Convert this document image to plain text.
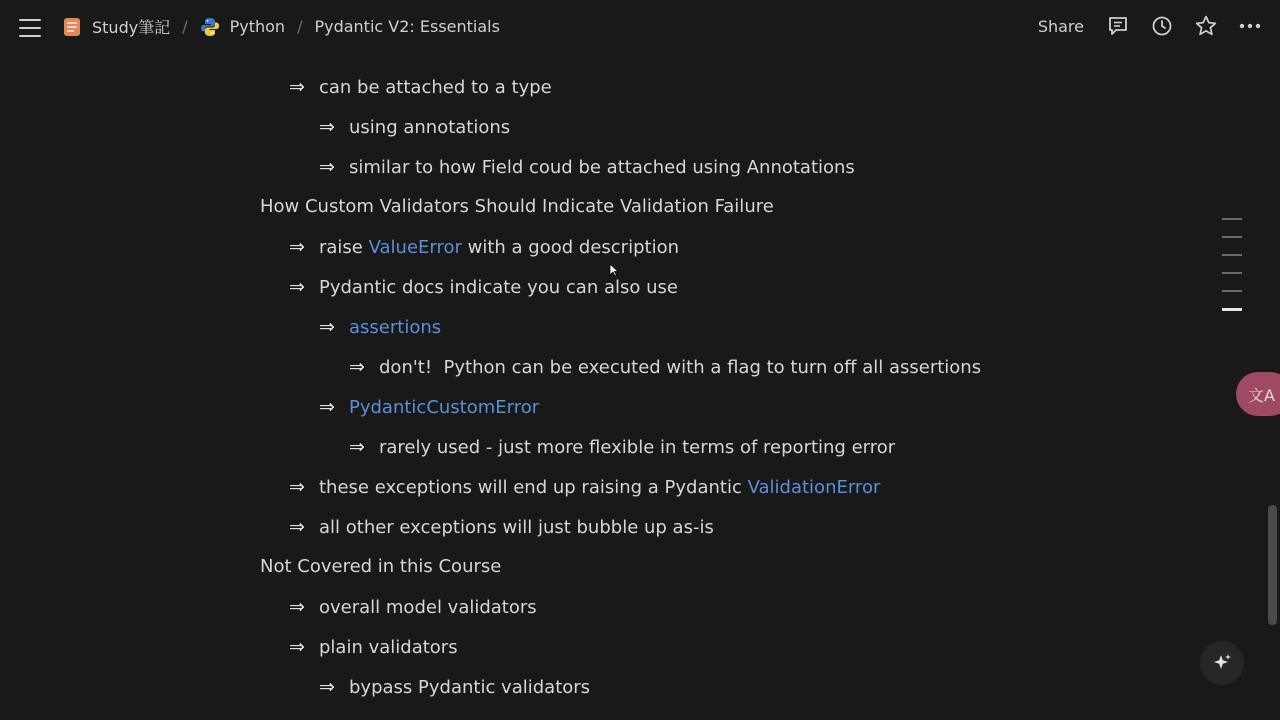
Study筆記 /	Python / Pydantic V2: Essentials	Share
⇒ can be attached to a type
⇒ using annotations
⇒ similar to how Field coud be attached using Annotations
How Custom Validators Should Indicate Validation Failure
⇒ raise ValueError with a good description
⇒ Pydantic docs indicate you can also use
⇒ assertions
⇒ don't!  Python can be executed with a flag to turn off all assertions
⇒ PydanticCustomError
⇒ rarely used - just more flexible in terms of reporting error
⇒ these exceptions will end up raising a Pydantic ValidationError
⇒ all other exceptions will just bubble up as-is
Not Covered in this Course
⇒ overall model validators
⇒ plain validators
⇒ bypass Pydantic validators
文A
